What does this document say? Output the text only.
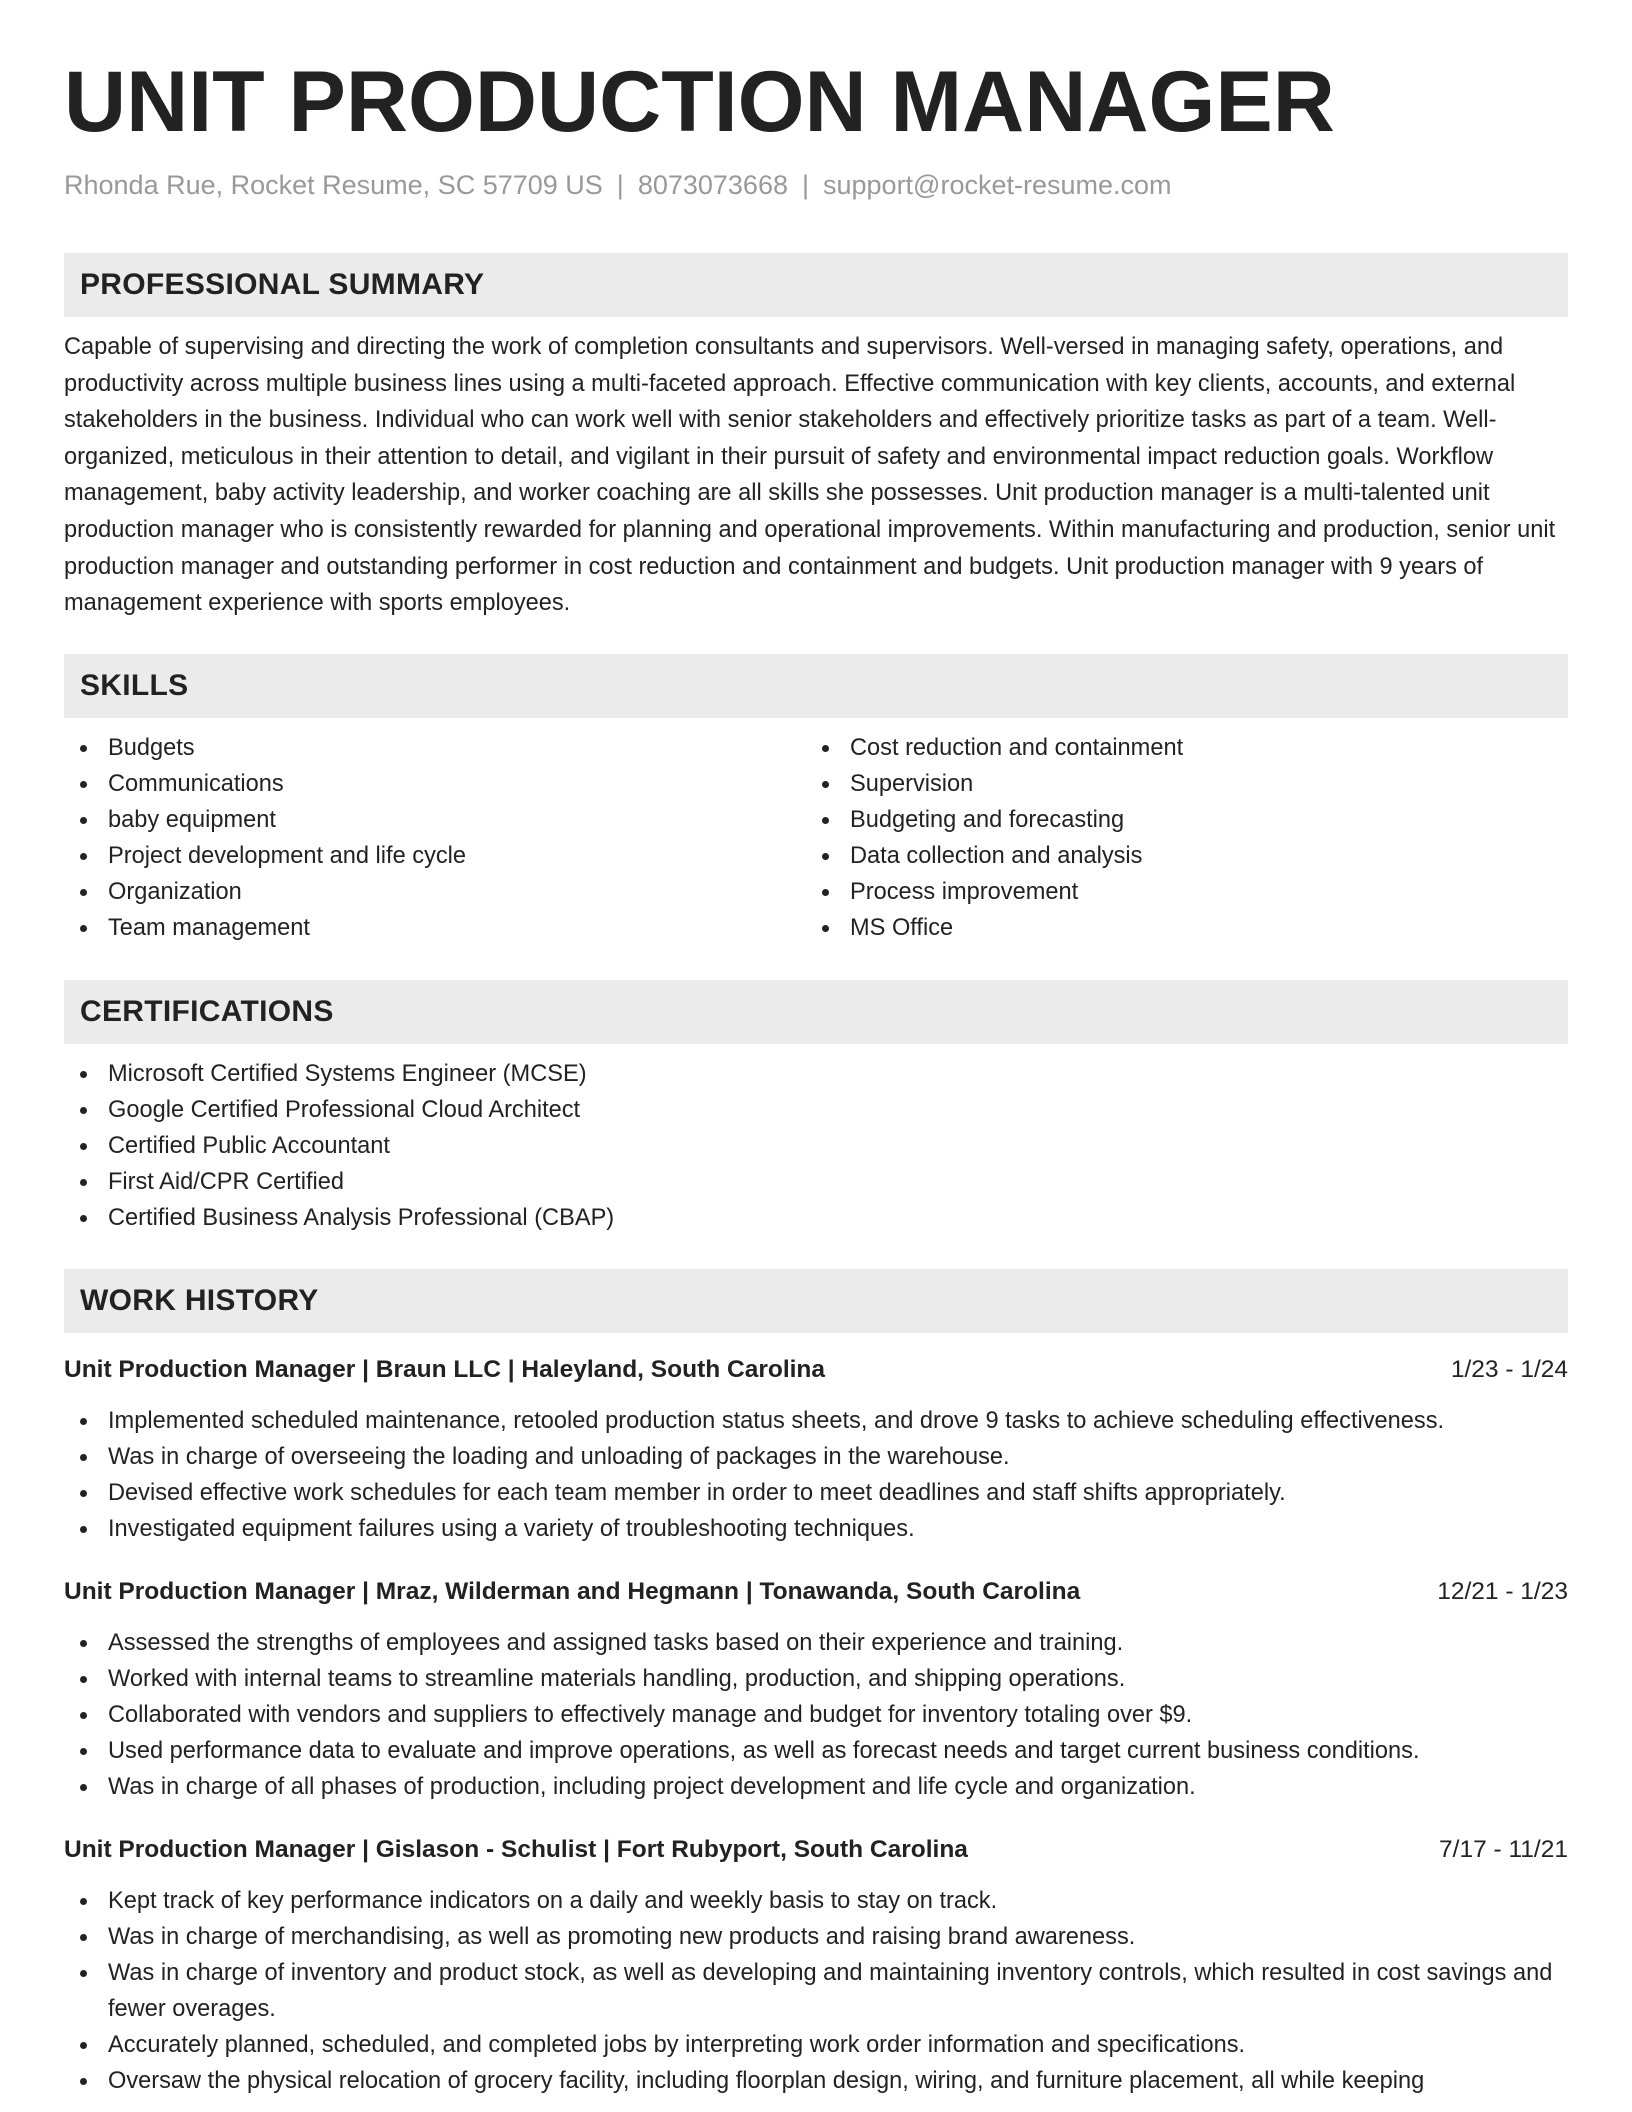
UNIT PRODUCTION MANAGER
Rhonda Rue, Rocket Resume, SC 57709 US | 8073073668 | support@rocket-resume.com
PROFESSIONAL SUMMARY

Capable of supervising and directing the work of completion consultants and supervisors. Well-versed in managing safety, operations, and productivity across multiple business lines using a multi-faceted approach. Effective communication with key clients, accounts, and external stakeholders in the business. Individual who can work well with senior stakeholders and effectively prioritize tasks as part of a team. Well-organized, meticulous in their attention to detail, and vigilant in their pursuit of safety and environmental impact reduction goals. Workflow management, baby activity leadership, and worker coaching are all skills she possesses. Unit production manager is a multi-talented unit production manager who is consistently rewarded for planning and operational improvements. Within manufacturing and production, senior unit production manager and outstanding performer in cost reduction and containment and budgets. Unit production manager with 9 years of management experience with sports employees.

SKILLS
Budgets
Communications
baby equipment
Project development and life cycle
Organization
Team management
Cost reduction and containment
Supervision
Budgeting and forecasting
Data collection and analysis
Process improvement
MS Office
CERTIFICATIONS
Microsoft Certified Systems Engineer (MCSE)
Google Certified Professional Cloud Architect
Certified Public Accountant
First Aid/CPR Certified
Certified Business Analysis Professional (CBAP)
WORK HISTORY
Unit Production Manager | Braun LLC | Haleyland, South Carolina	1/23 - 1/24
Implemented scheduled maintenance, retooled production status sheets, and drove 9 tasks to achieve scheduling effectiveness.
Was in charge of overseeing the loading and unloading of packages in the warehouse.
Devised effective work schedules for each team member in order to meet deadlines and staff shifts appropriately.
Investigated equipment failures using a variety of troubleshooting techniques.
Unit Production Manager | Mraz, Wilderman and Hegmann | Tonawanda, South Carolina	12/21 - 1/23
Assessed the strengths of employees and assigned tasks based on their experience and training.
Worked with internal teams to streamline materials handling, production, and shipping operations.
Collaborated with vendors and suppliers to effectively manage and budget for inventory totaling over $9.
Used performance data to evaluate and improve operations, as well as forecast needs and target current business conditions.
Was in charge of all phases of production, including project development and life cycle and organization.
Unit Production Manager | Gislason - Schulist | Fort Rubyport, South Carolina	7/17 - 11/21
Kept track of key performance indicators on a daily and weekly basis to stay on track.
Was in charge of merchandising, as well as promoting new products and raising brand awareness.
Was in charge of inventory and product stock, as well as developing and maintaining inventory controls, which resulted in cost savings and fewer overages.
Accurately planned, scheduled, and completed jobs by interpreting work order information and specifications.
Oversaw the physical relocation of grocery facility, including floorplan design, wiring, and furniture placement, all while keeping
